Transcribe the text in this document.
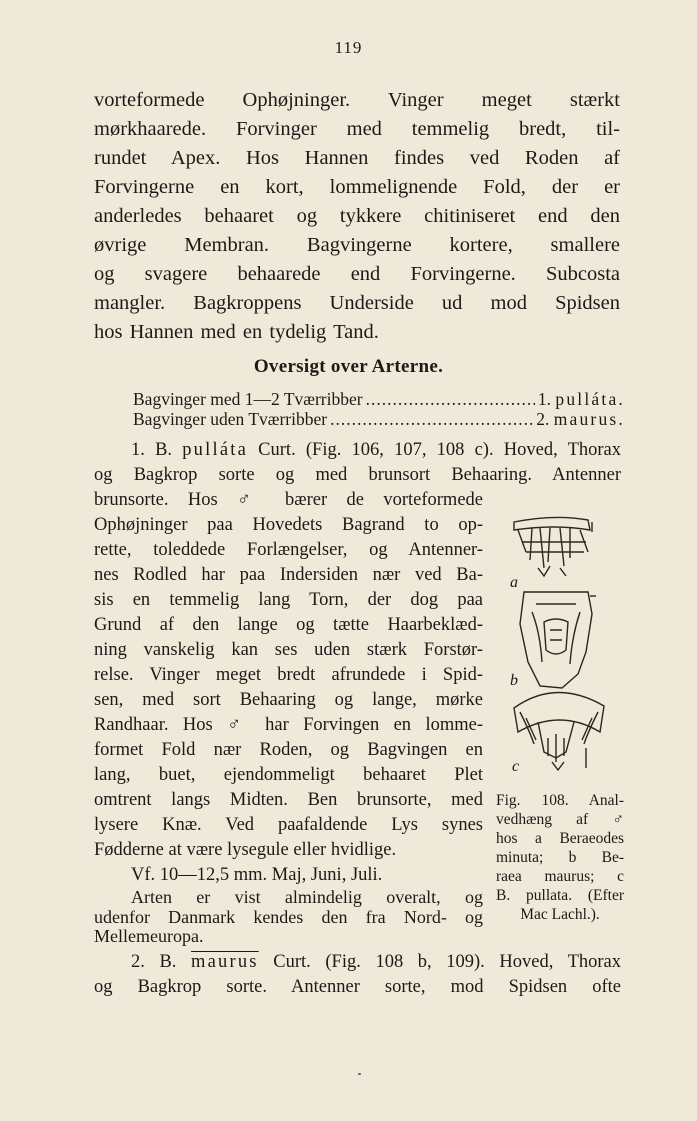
119
vorteformede Ophøjninger. Vinger meget stærkt
mørkhaarede. Forvinger med temmelig bredt, til-
rundet Apex. Hos Hannen findes ved Roden af
Forvingerne en kort, lommelignende Fold, der er
anderledes behaaret og tykkere chitiniseret end den
øvrige Membran. Bagvingerne kortere, smallere
og svagere behaarede end Forvingerne. Subcosta
mangler. Bagkroppens Underside ud mod Spidsen
hos Hannen med en tydelig Tand.
Oversigt over Arterne.
Bagvinger med 1—2 Tværribber .....	1.
pulláta.
Bagvinger uden Tværribber .....	2.
maurus.
1. B. pulláta Curt. (Fig. 106, 107, 108 c). Hoved, Thorax
og Bagkrop sorte og med brunsort Behaaring. Antenner
brunsorte. Hos ♂ bærer de vorteformede
Ophøjninger paa Hovedets Bagrand to op-
rette, toleddede Forlængelser, og Antenner-
nes Rodled har paa Indersiden nær ved Ba-
sis en temmelig lang Torn, der dog paa
Grund af den lange og tætte Haarbeklæd-
ning vanskelig kan ses uden stærk Forstør-
relse. Vinger meget bredt afrundede i Spid-
sen, med sort Behaaring og lange, mørke
Randhaar. Hos ♂ har Forvingen en lomme-
formet Fold nær Roden, og Bagvingen en
lang, buet, ejendommeligt behaaret Plet
omtrent langs Midten. Ben brunsorte, med
lysere Knæ. Ved paafaldende Lys synes
Fødderne at være lysegule eller hvidlige.
Vf. 10—12,5 mm. Maj, Juni, Juli.
Arten er vist almindelig overalt, og
udenfor Danmark kendes den fra Nord- og
Mellemeuropa.
a
b
c
Fig. 108. Anal-
vedhæng af ♂
hos a Beraeodes
minuta; b Be-
raea maurus; c
B. pullata. (Efter
Mac Lachl.).
2. B. maurus Curt. (Fig. 108 b, 109). Hoved, Thorax
og Bagkrop sorte. Antenner sorte, mod Spidsen ofte
